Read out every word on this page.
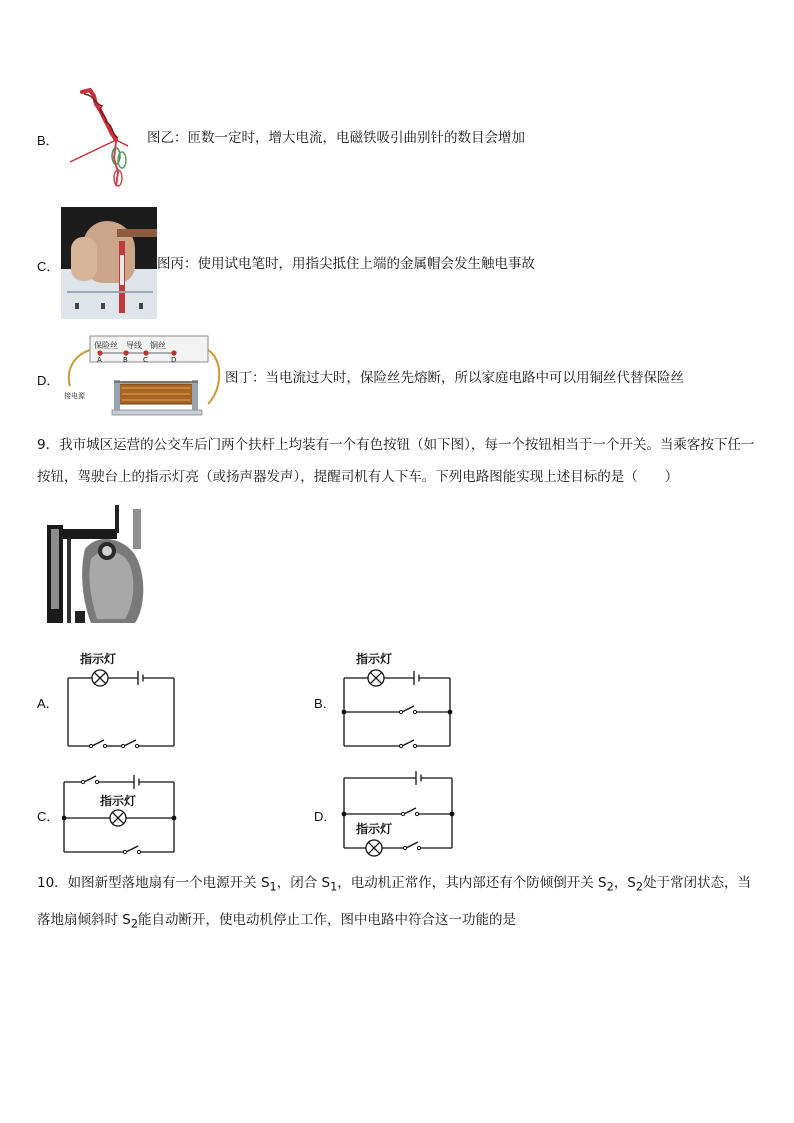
B．	图乙：匝数一定时，增大电流，电磁铁吸引曲别针的数目会增加
C．	图丙：使用试电笔时，用指尖抵住上端的金属帽会发生触电事故
D．
保险丝 导线 铜丝
A	B C	D
接电源
图丁：当电流过大时，保险丝先熔断，所以家庭电路中可以用铜丝代替保险丝
9．我市城区运营的公交车后门两个扶杆上均装有一个有色按钮（如下图），每一个按钮相当于一个开关。当乘客按下任一按钮，驾驶台上的指示灯亮（或扬声器发声），提醒司机有人下车。下列电路图能实现上述目标的是（　　）
A．
指示灯
B．
指示灯
C．
指示灯
D．
指示灯
10．如图新型落地扇有一个电源开关 $S_1$，闭合 $S_1$，电动机正常作，其内部还有个防倾倒开关 $S_2$，$S_2$处于常闭状态，当落地扇倾斜时 $S_2$能自动断开，使电动机停止工作，图中电路中符合这一功能的是
